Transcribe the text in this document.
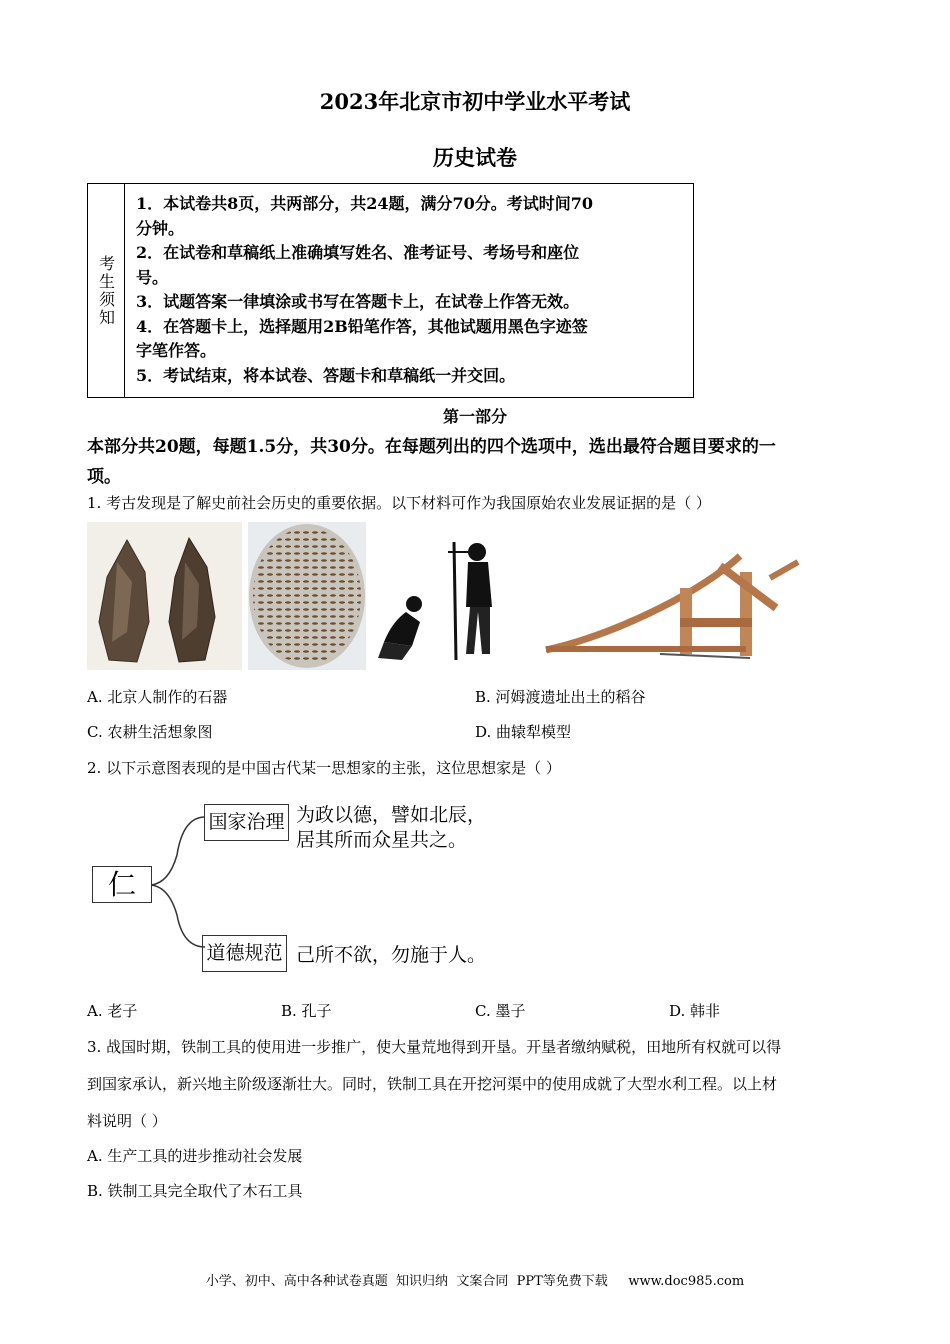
2023年北京市初中学业水平考试
历史试卷
考生须知
1．本试卷共8页，共两部分，共24题，满分70分。考试时间70
分钟。
2．在试卷和草稿纸上准确填写姓名、准考证号、考场号和座位
号。
3．试题答案一律填涂或书写在答题卡上，在试卷上作答无效。
4．在答题卡上，选择题用2B铅笔作答，其他试题用黑色字迹签
字笔作答。
5．考试结束，将本试卷、答题卡和草稿纸一并交回。
第一部分
本部分共20题，每题1.5分，共30分。在每题列出的四个选项中，选出最符合题目要求的一
项。
1. 考古发现是了解史前社会历史的重要依据。以下材料可作为我国原始农业发展证据的是（ ）
A. 北京人制作的石器	B. 河姆渡遗址出土的稻谷
C. 农耕生活想象图	D. 曲辕犁模型
2. 以下示意图表现的是中国古代某一思想家的主张，这位思想家是（ ）
仁
国家治理 为政以德，譬如北辰，
居其所而众星共之。
道德规范 己所不欲，勿施于人。
A. 老子	B. 孔子	C. 墨子	D. 韩非
3. 战国时期，铁制工具的使用进一步推广，使大量荒地得到开垦。开垦者缴纳赋税，田地所有权就可以得
到国家承认，新兴地主阶级逐渐壮大。同时，铁制工具在开挖河渠中的使用成就了大型水利工程。以上材
料说明（ ）
A. 生产工具的进步推动社会发展
B. 铁制工具完全取代了木石工具
小学、初中、高中各种试卷真题  知识归纳  文案合同  PPT等免费下载     www.doc985.com
